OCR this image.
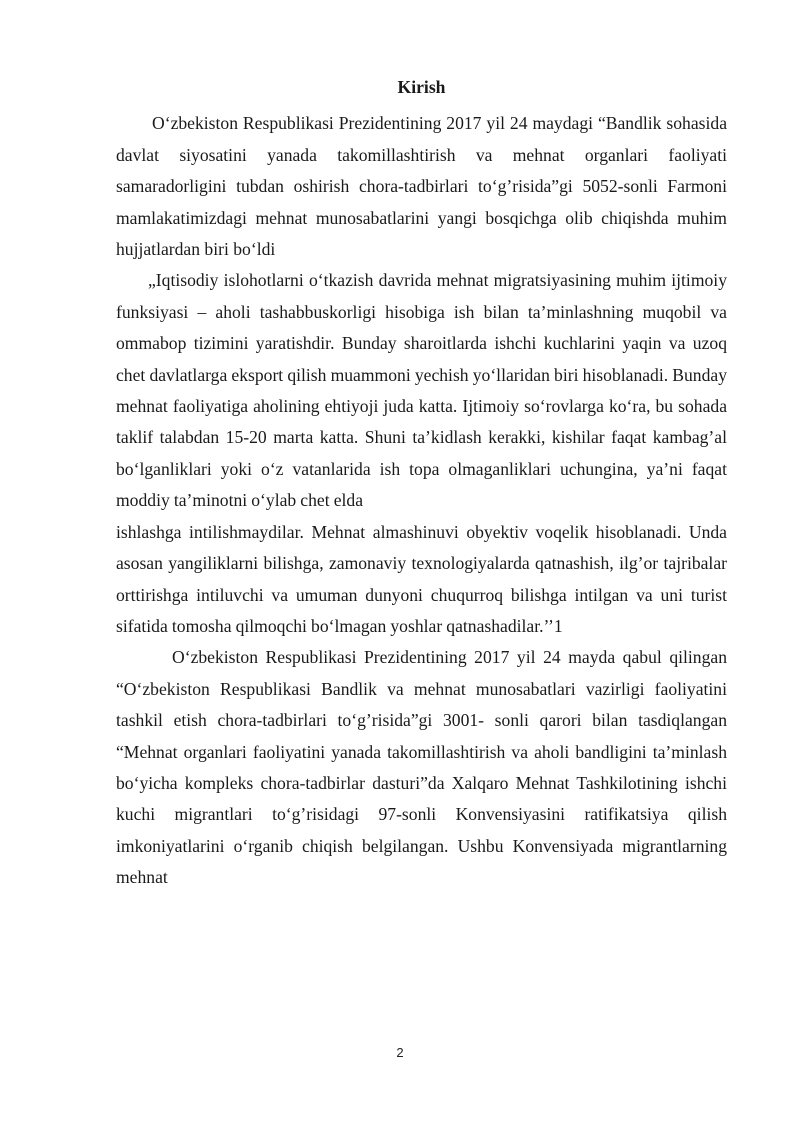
Kirish

O‘zbekiston Respublikasi Prezidentining 2017 yil 24 maydagi “Bandlik sohasida davlat siyosatini yanada takomillashtirish va mehnat organlari faoliyati samaradorligini tubdan oshirish chora-tadbirlari to‘g’risida”gi 5052-sonli Farmoni mamlakatimizdagi mehnat munosabatlarini yangi bosqichga olib chiqishda muhim hujjatlardan biri bo‘ldi

„Iqtisodiy islohotlarni o‘tkazish davrida mehnat migratsiyasining muhim ijtimoiy funksiyasi – aholi tashabbuskorligi hisobiga ish bilan ta’minlashning muqobil va ommabop tizimini yaratishdir. Bunday sharoitlarda ishchi kuchlarini yaqin va uzoq chet davlatlarga eksport qilish muammoni yechish yo‘llaridan biri hisoblanadi. Bunday mehnat faoliyatiga aholining ehtiyoji juda katta. Ijtimoiy so‘rovlarga ko‘ra, bu sohada taklif talabdan 15-20 marta katta. Shuni ta’kidlash kerakki, kishilar faqat kambag’al bo‘lganliklari yoki o‘z vatanlarida ish topa olmaganliklari uchungina, ya’ni faqat moddiy ta’minotni o‘ylab chet elda

ishlashga intilishmaydilar. Mehnat almashinuvi obyektiv voqelik hisoblanadi. Unda asosan yangiliklarni bilishga, zamonaviy texnologiyalarda qatnashish, ilg’or tajribalar orttirishga intiluvchi va umuman dunyoni chuqurroq bilishga intilgan va uni turist sifatida tomosha qilmoqchi bo‘lmagan yoshlar qatnashadilar.’’1

O‘zbekiston Respublikasi Prezidentining 2017 yil 24 mayda qabul qilingan “O‘zbekiston Respublikasi Bandlik va mehnat munosabatlari vazirligi faoliyatini tashkil etish chora-tadbirlari to‘g’risida”gi 3001- sonli qarori bilan tasdiqlangan “Mehnat organlari faoliyatini yanada takomillashtirish va aholi bandligini ta’minlash bo‘yicha kompleks chora-tadbirlar dasturi”da Xalqaro Mehnat Tashkilotining ishchi kuchi migrantlari to‘g’risidagi 97-sonli Konvensiyasini ratifikatsiya qilish imkoniyatlarini o‘rganib chiqish belgilangan. Ushbu Konvensiyada migrantlarning mehnat

2
